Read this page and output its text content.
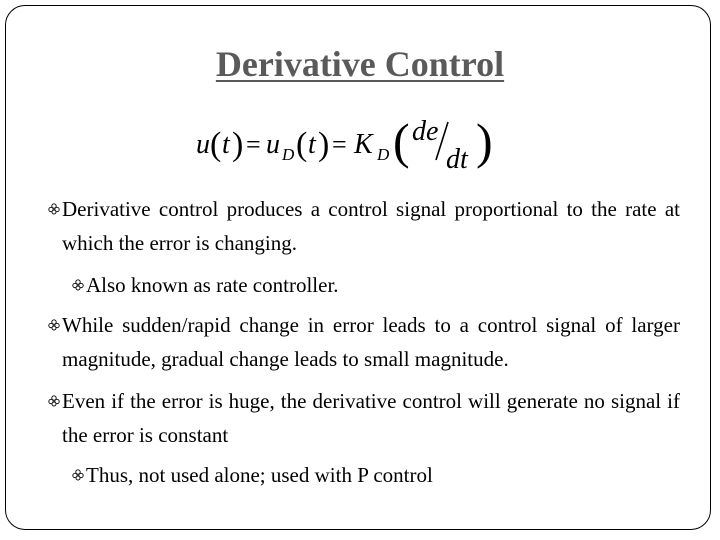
Derivative Control
u ( t ) = u D ( t ) = K D ( de
dt )
Derivative control produces a control signal proportional to the rate at which the error is changing.
Also known as rate controller.
While sudden/rapid change in error leads to a control signal of larger magnitude, gradual change leads to small magnitude.
Even if the error is huge, the derivative control will generate no signal if the error is constant
Thus, not used alone; used with P control
